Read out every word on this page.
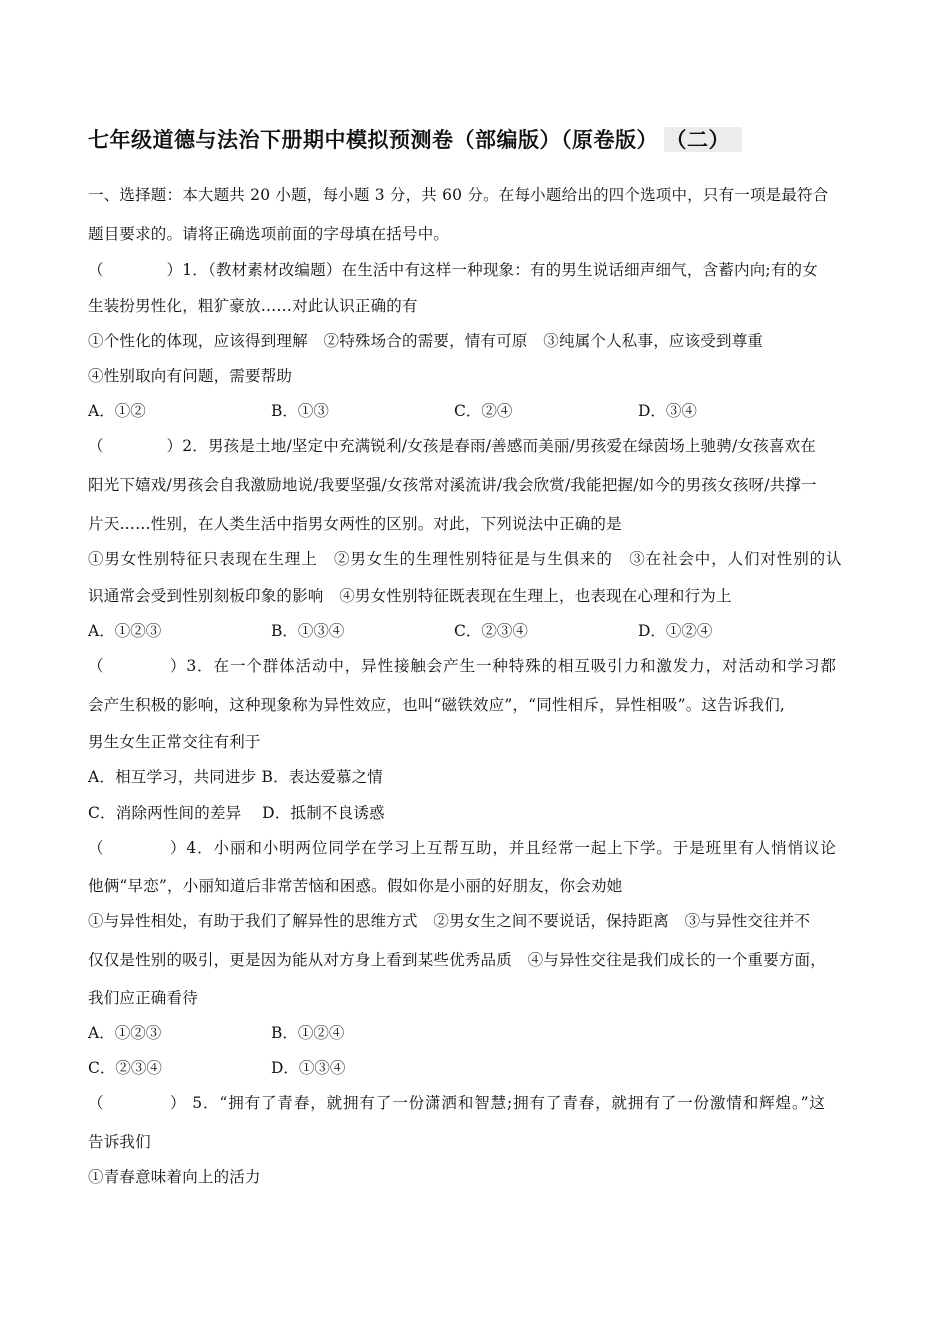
七年级道德与法治下册期中模拟预测卷（部编版）（原卷版） （二）
一、选择题：本大题共 20 小题，每小题 3 分，共 60 分。在每小题给出的四个选项中，只有一项是最符合
题目要求的。请将正确选项前面的字母填在括号中。
（　　　　）1．（教材素材改编题）在生活中有这样一种现象：有的男生说话细声细气，含蓄内向;有的女
生装扮男性化，粗犷豪放……对此认识正确的有
①个性化的体现，应该得到理解　②特殊场合的需要，情有可原　③纯属个人私事，应该受到尊重
④性别取向有问题，需要帮助
A．①②	B．①③	C．②④	D．③④
（　　　　）2．男孩是土地/坚定中充满锐利/女孩是春雨/善感而美丽/男孩爱在绿茵场上驰骋/女孩喜欢在
阳光下嬉戏/男孩会自我激励地说/我要坚强/女孩常对溪流讲/我会欣赏/我能把握/如今的男孩女孩呀/共撑一
片天……性别，在人类生活中指男女两性的区别。对此，下列说法中正确的是
①男女性别特征只表现在生理上　②男女生的生理性别特征是与生俱来的　③在社会中，人们对性别的认
识通常会受到性别刻板印象的影响　④男女性别特征既表现在生理上，也表现在心理和行为上
A．①②③	B．①③④	C．②③④	D．①②④
（　　　　）3．在一个群体活动中，异性接触会产生一种特殊的相互吸引力和激发力，对活动和学习都
会产生积极的影响，这种现象称为异性效应，也叫“磁铁效应”，“同性相斥，异性相吸”。这告诉我们,
男生女生正常交往有利于
A．相互学习，共同进步 B．表达爱慕之情
C．消除两性间的差异　 D．抵制不良诱惑
（　　　　）4．小丽和小明两位同学在学习上互帮互助，并且经常一起上下学。于是班里有人悄悄议论
他俩“早恋”，小丽知道后非常苦恼和困惑。假如你是小丽的好朋友，你会劝她
①与异性相处，有助于我们了解异性的思维方式　②男女生之间不要说话，保持距离　③与异性交往并不
仅仅是性别的吸引，更是因为能从对方身上看到某些优秀品质　④与异性交往是我们成长的一个重要方面，
我们应正确看待
A．①②③	B．①②④
C．②③④	D．①③④
（　　　　） 5．“拥有了青春，就拥有了一份潇洒和智慧;拥有了青春，就拥有了一份激情和辉煌。”这
告诉我们
①青春意味着向上的活力
